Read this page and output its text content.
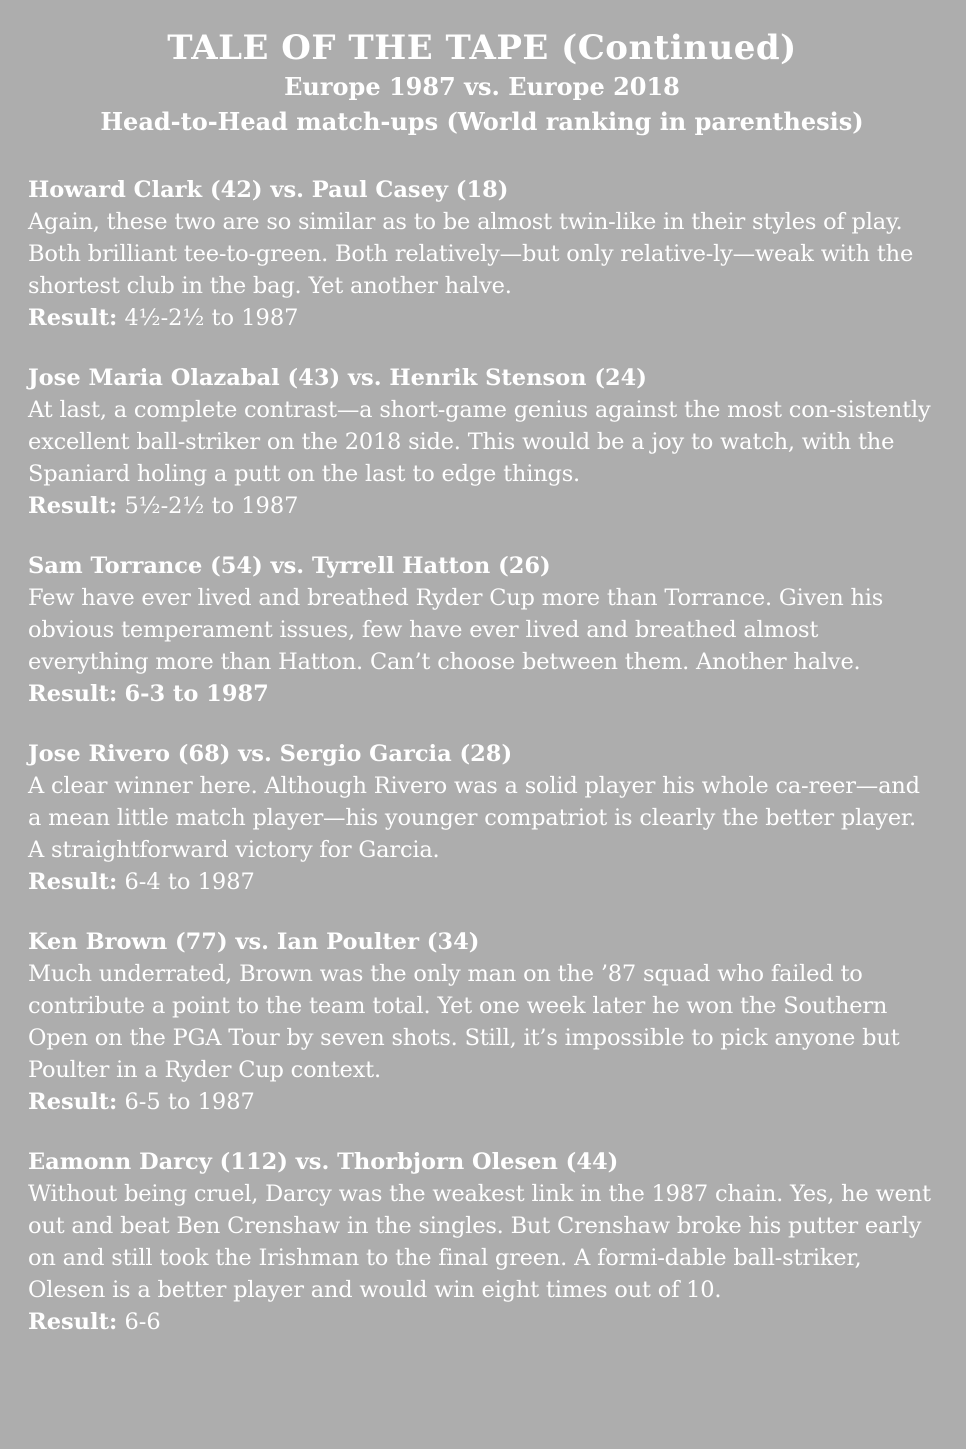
TALE OF THE TAPE (Continued)

Europe 1987 vs. Europe 2018

Head-to-Head match-ups (World ranking in parenthesis)

Howard Clark (42) vs. Paul Casey (18)

Again, these two are so similar as to be almost twin-like in their styles of play. Both brilliant tee-to-green. Both relatively—but only relative-ly—weak with the shortest club in the bag. Yet another halve.

Result: 4½-2½ to 1987

Jose Maria Olazabal (43) vs. Henrik Stenson (24)

At last, a complete contrast—a short-game genius against the most con-sistently excellent ball-striker on the 2018 side. This would be a joy to watch, with the Spaniard holing a putt on the last to edge things.

Result: 5½-2½ to 1987

Sam Torrance (54) vs. Tyrrell Hatton (26)

Few have ever lived and breathed Ryder Cup more than Torrance. Given his obvious temperament issues, few have ever lived and breathed almost everything more than Hatton. Can’t choose between them. Another halve.

Result: 6-3 to 1987

Jose Rivero (68) vs. Sergio Garcia (28)

A clear winner here. Although Rivero was a solid player his whole ca-reer—and a mean little match player—his younger compatriot is clearly the better player. A straightforward victory for Garcia.

Result: 6-4 to 1987

Ken Brown (77) vs. Ian Poulter (34)

Much underrated, Brown was the only man on the ’87 squad who failed to contribute a point to the team total. Yet one week later he won the Southern Open on the PGA Tour by seven shots. Still, it’s impossible to pick anyone but Poulter in a Ryder Cup context.

Result: 6-5 to 1987

Eamonn Darcy (112) vs. Thorbjorn Olesen (44)

Without being cruel, Darcy was the weakest link in the 1987 chain. Yes, he went out and beat Ben Crenshaw in the singles. But Crenshaw broke his putter early on and still took the Irishman to the final green. A formi-dable ball-striker, Olesen is a better player and would win eight times out of 10.

Result: 6-6
